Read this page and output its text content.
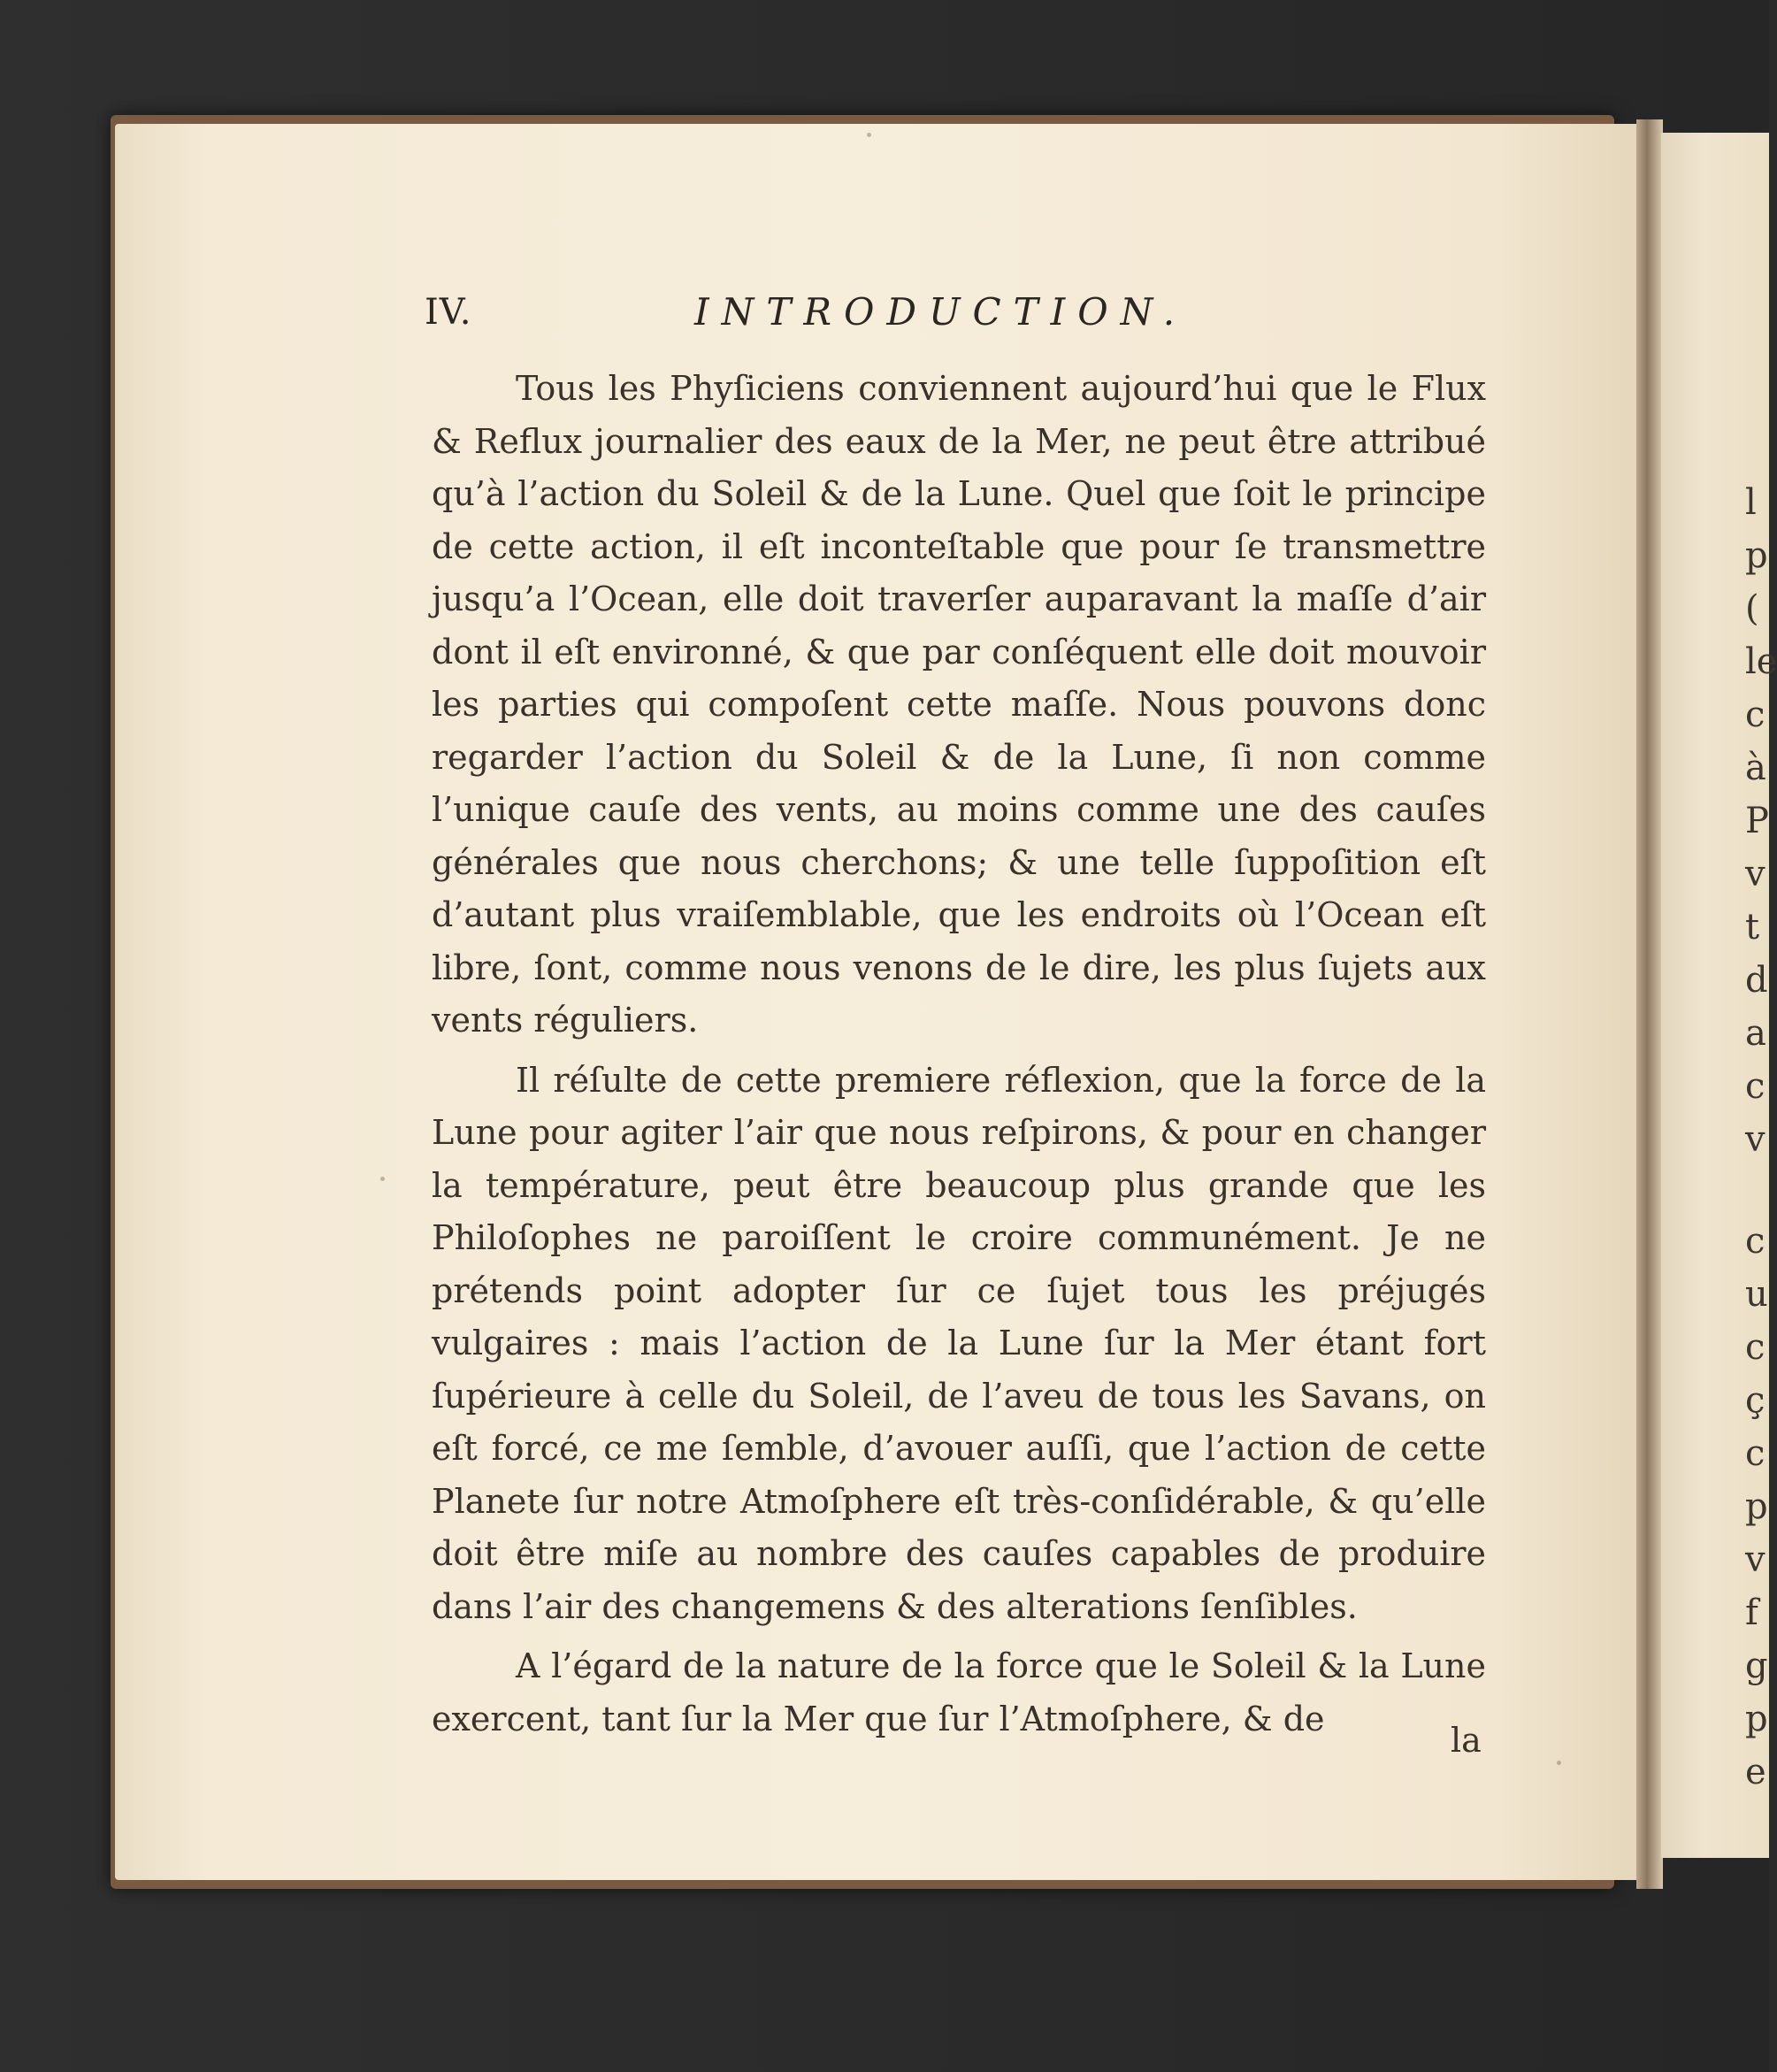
l
p
(
le
c
à
P
v
t
d
a
c
v
c
u
c
ç
c
p
v
f
g
p
e
IV.	INTRODUCTION.

Tous les Phyſiciens conviennent aujourd’hui que le Flux & Reflux journalier des eaux de la Mer, ne peut être attribué qu’à l’action du Soleil & de la Lune. Quel que ſoit le principe de cette action, il eſt inconteſtable que pour ſe transmettre jusqu’a l’Ocean, elle doit traverſer auparavant la maſſe d’air dont il eſt environné, & que par conſéquent elle doit mouvoir les parties qui compoſent cette maſſe. Nous pouvons donc regarder l’action du Soleil & de la Lune, ſi non comme l’unique cauſe des vents, au moins comme une des cauſes générales que nous cherchons; & une telle ſuppoſition eſt d’autant plus vraiſemblable, que les endroits où l’Ocean eſt libre, ſont, comme nous venons de le dire, les plus ſujets aux vents réguliers.

Il réſulte de cette premiere réflexion, que la force de la Lune pour agiter l’air que nous reſpirons, & pour en changer la température, peut être beaucoup plus grande que les Philoſophes ne paroiſſent le croire communément. Je ne prétends point adopter ſur ce ſujet tous les préjugés vulgaires : mais l’action de la Lune ſur la Mer étant fort ſupérieure à celle du Soleil, de l’aveu de tous les Savans, on eſt forcé, ce me ſemble, d’avouer auſſi, que l’action de cette Planete ſur notre Atmoſphere eſt très-conſidérable, & qu’elle doit être miſe au nombre des cauſes capables de produire dans l’air des changemens & des alterations ſenſibles.

A l’égard de la nature de la force que le Soleil & la Lune exercent, tant ſur la Mer que ſur l’Atmoſphere, & de

la
